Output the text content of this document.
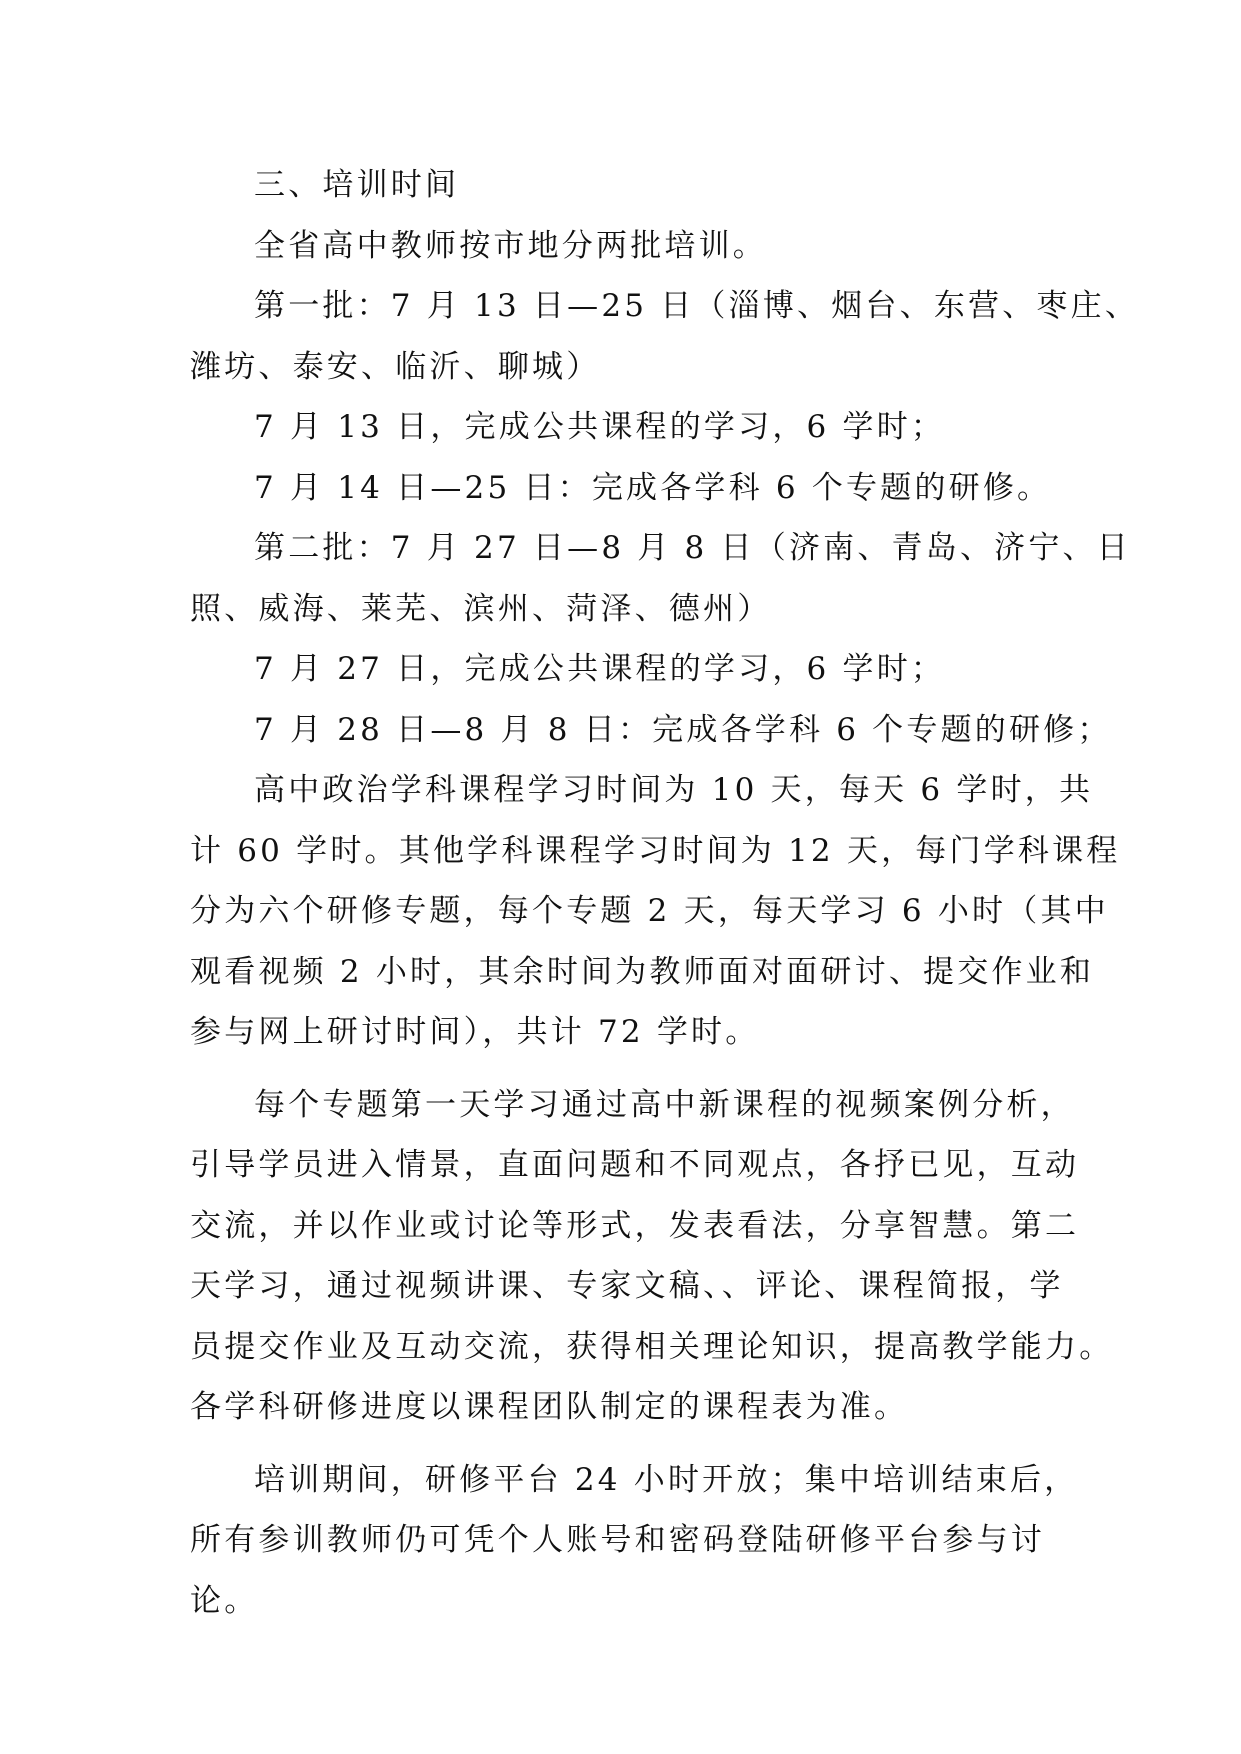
三、培训时间
全省高中教师按市地分两批培训。
第一批：7 月 13 日—25 日（淄博、烟台、东营、枣庄、
潍坊、泰安、临沂、聊城）
7 月 13 日，完成公共课程的学习，6 学时；
7 月 14 日—25 日：完成各学科 6 个专题的研修。
第二批：7 月 27 日—8 月 8 日（济南、青岛、济宁、日
照、威海、莱芜、滨州、菏泽、德州）
7 月 27 日，完成公共课程的学习，6 学时；
7 月 28 日—8 月 8 日：完成各学科 6 个专题的研修；
高中政治学科课程学习时间为 10 天，每天 6 学时，共
计 60 学时。其他学科课程学习时间为 12 天，每门学科课程
分为六个研修专题，每个专题 2 天，每天学习 6 小时（其中
观看视频 2 小时，其余时间为教师面对面研讨、提交作业和
参与网上研讨时间），共计 72 学时。
每个专题第一天学习通过高中新课程的视频案例分析，
引导学员进入情景，直面问题和不同观点，各抒已见，互动
交流，并以作业或讨论等形式，发表看法，分享智慧。第二
天学习，通过视频讲课、专家文稿、、评论、课程简报，学
员提交作业及互动交流，获得相关理论知识，提高教学能力。
各学科研修进度以课程团队制定的课程表为准。
培训期间，研修平台 24 小时开放；集中培训结束后，
所有参训教师仍可凭个人账号和密码登陆研修平台参与讨
论。
